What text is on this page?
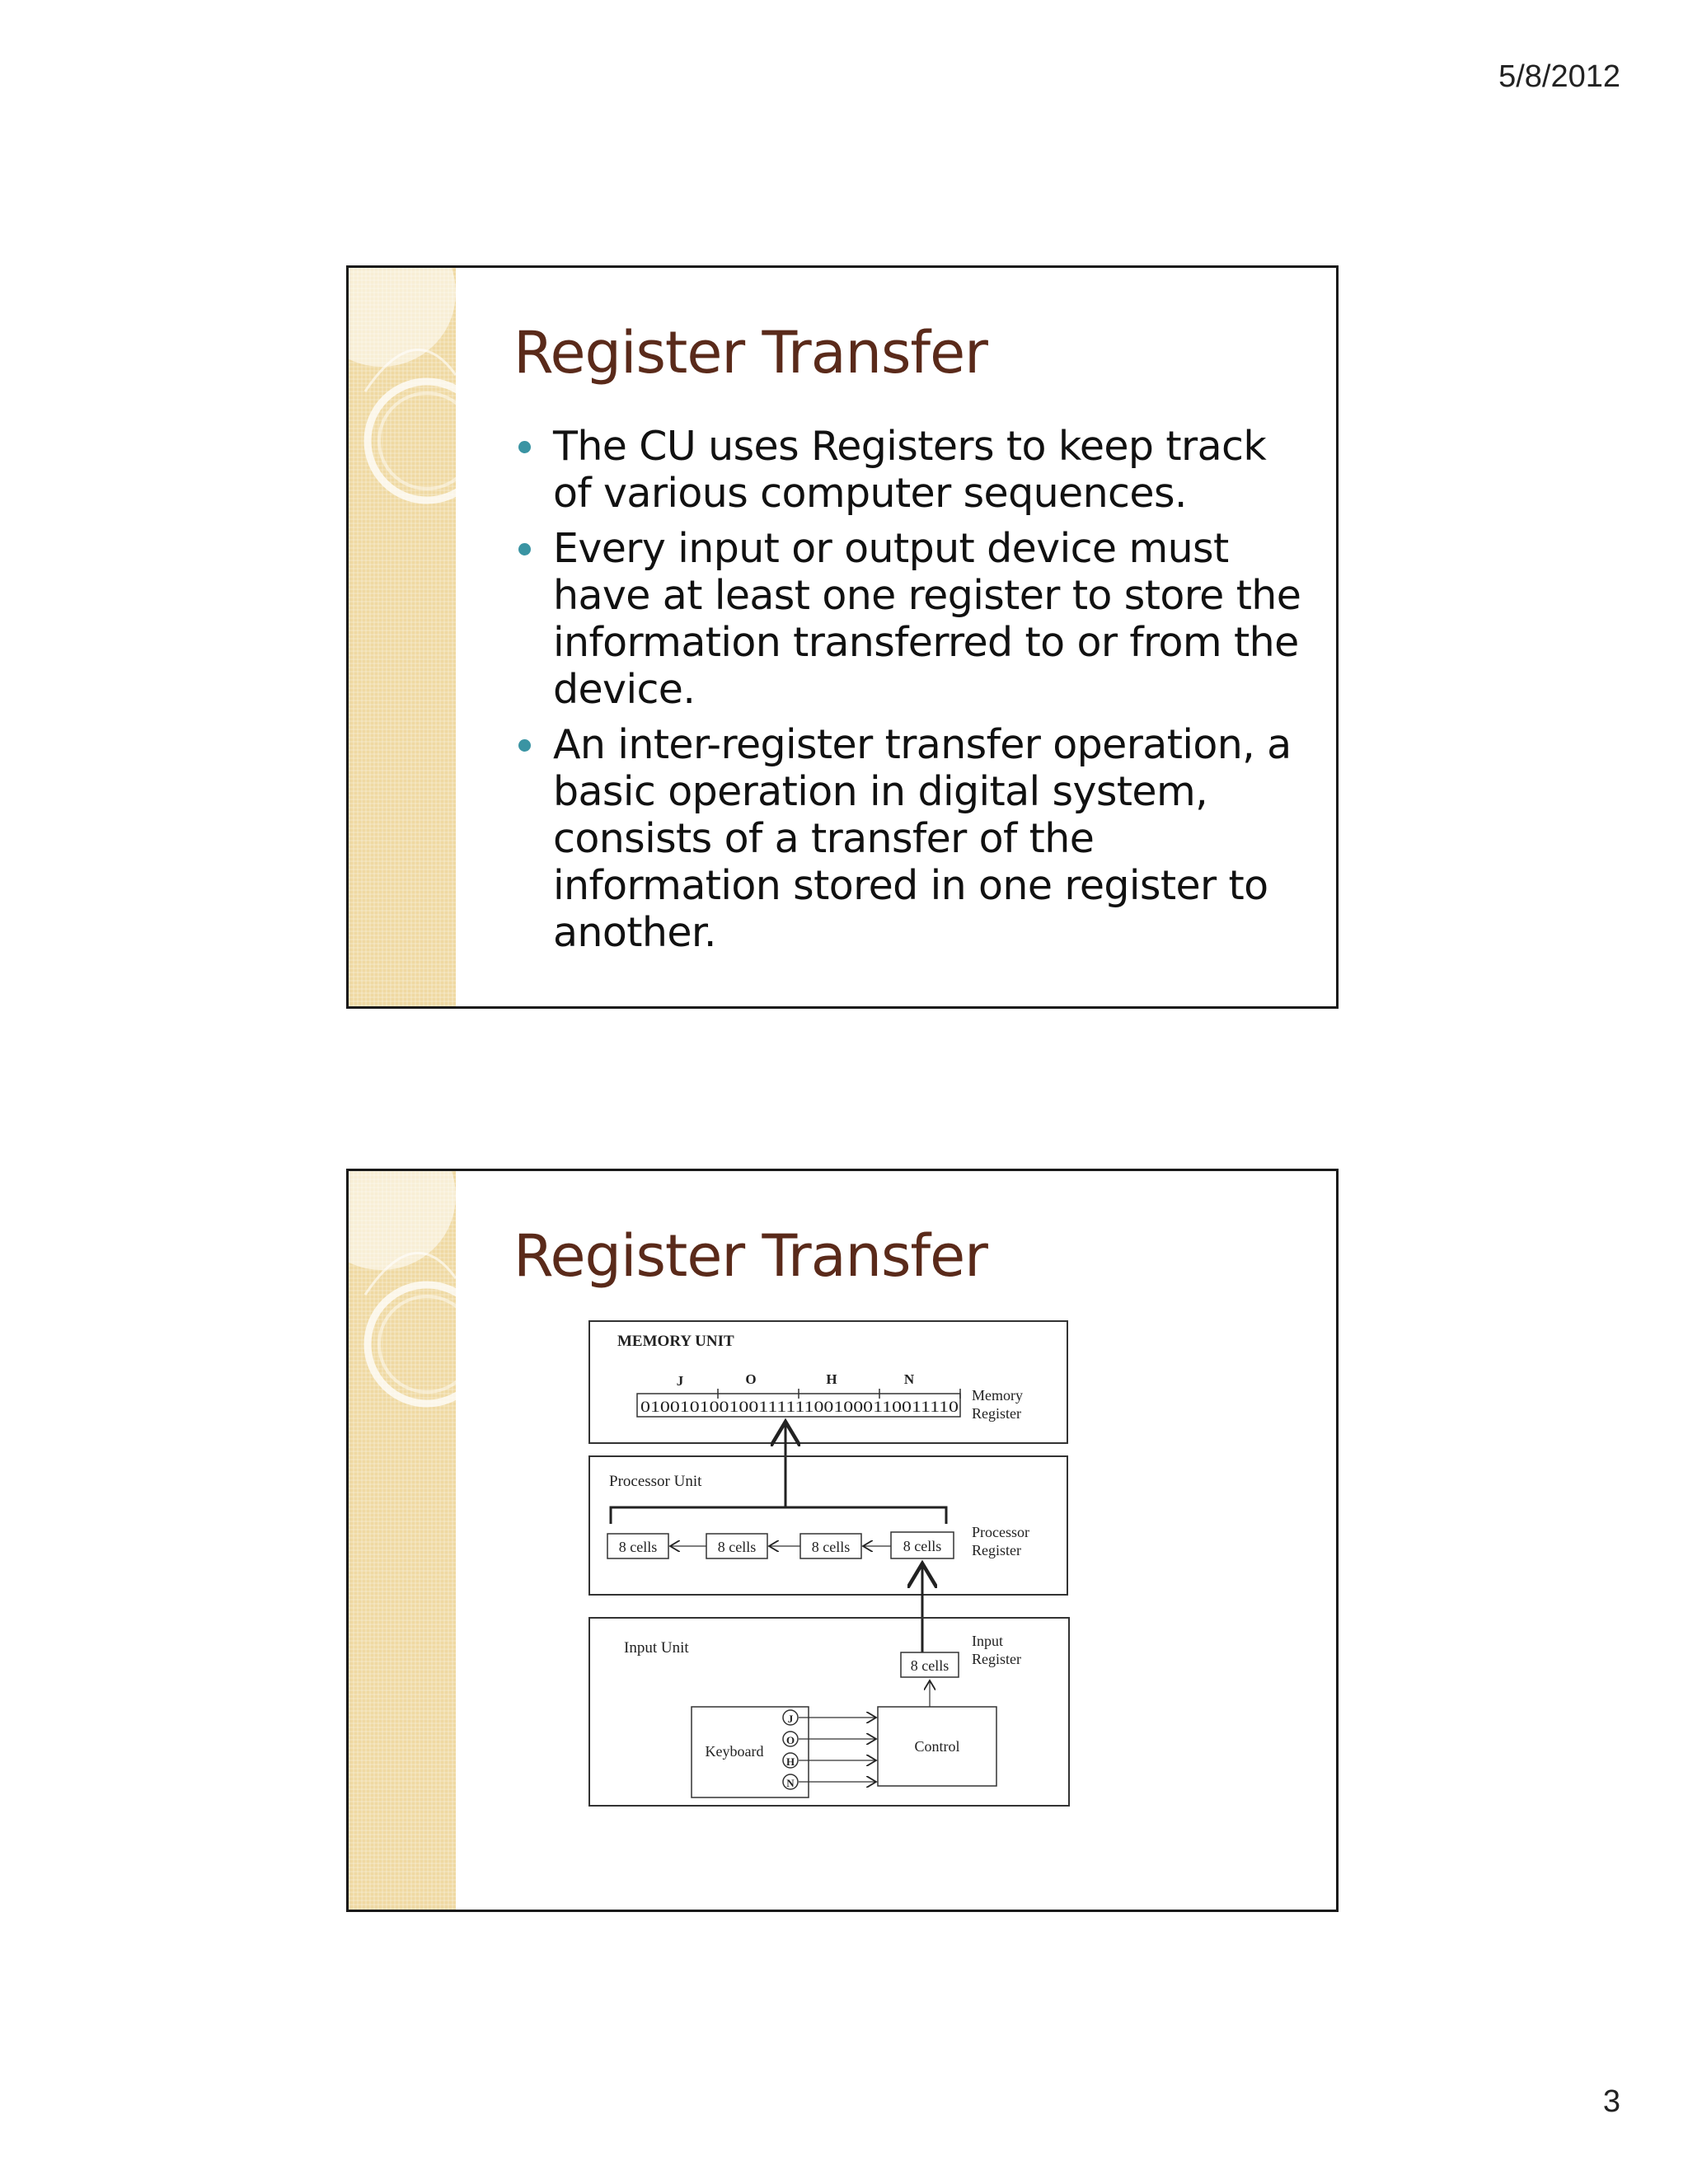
5/8/2012
Register Transfer
The CU uses Registers to keep track of various computer sequences.
Every input or output device must have at least one register to store the information transferred to or from the device.
An inter-register transfer operation, a basic operation in digital system, consists of a transfer of the information stored in one register to another.
Register Transfer
MEMORY UNIT
J	O	H	N
010010100100111111001000110011110
Memory
Register
Processor Unit
8 cells	8 cells	8 cells	8 cells
Processor
Register
Input Unit
8 cells
Input
Register
Keyboard	Control
J
O
H
N
3
